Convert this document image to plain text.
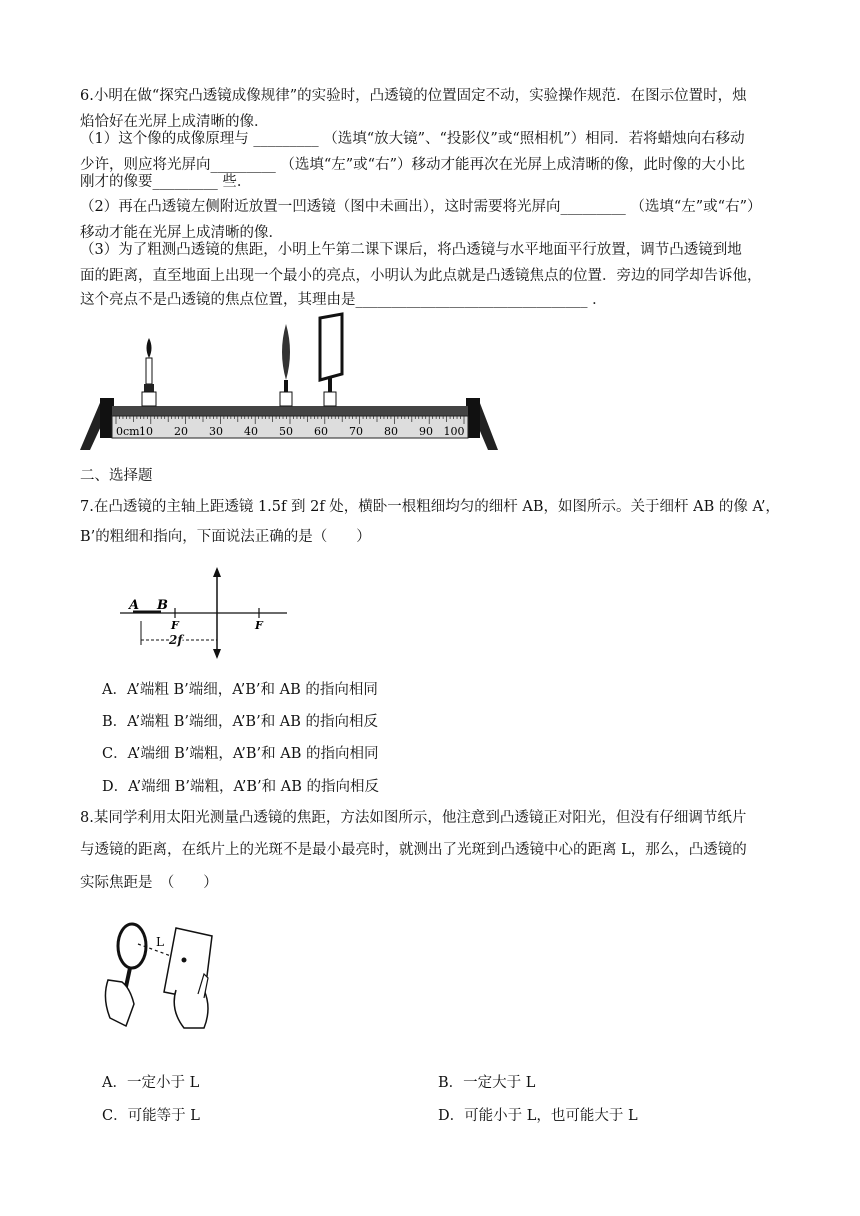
6.小明在做“探究凸透镜成像规律”的实验时，凸透镜的位置固定不动，实验操作规范．在图示位置时，烛
焰恰好在光屏上成清晰的像．
（1）这个像的成像原理与 _________ （选填“放大镜”、“投影仪”或“照相机”）相同．若将蜡烛向右移动
少许，则应将光屏向_________ （选填“左”或“右”）移动才能再次在光屏上成清晰的像，此时像的大小比
刚才的像要_________ 些．
（2）再在凸透镜左侧附近放置一凹透镜（图中未画出），这时需要将光屏向_________ （选填“左”或“右”）
移动才能在光屏上成清晰的像．
（3）为了粗测凸透镜的焦距，小明上午第二课下课后，将凸透镜与水平地面平行放置，调节凸透镜到地
面的距离，直至地面上出现一个最小的亮点，小明认为此点就是凸透镜焦点的位置．旁边的同学却告诉他，
这个亮点不是凸透镜的焦点位置，其理由是________________________________ ．
0cm 10 20 30 40 50 60 70 80 90 100
二、选择题
7.在凸透镜的主轴上距透镜 1.5f 到 2f 处，横卧一根粗细均匀的细杆 AB，如图所示。关于细杆 AB 的像 A’，
B’的粗细和指向，下面说法正确的是（　　）
A B
F	F
2f
A．A’端粗 B’端细，A’B’和 AB 的指向相同
B．A’端粗 B’端细，A’B’和 AB 的指向相反
C．A’端细 B’端粗，A’B’和 AB 的指向相同
D．A’端细 B’端粗，A’B’和 AB 的指向相反
8.某同学利用太阳光测量凸透镜的焦距，方法如图所示，他注意到凸透镜正对阳光，但没有仔细调节纸片
与透镜的距离，在纸片上的光斑不是最小最亮时，就测出了光斑到凸透镜中心的距离 L，那么，凸透镜的
实际焦距是　（　　）
L
A．一定小于 L	B．一定大于 L
C．可能等于 L	D．可能小于 L，也可能大于 L
